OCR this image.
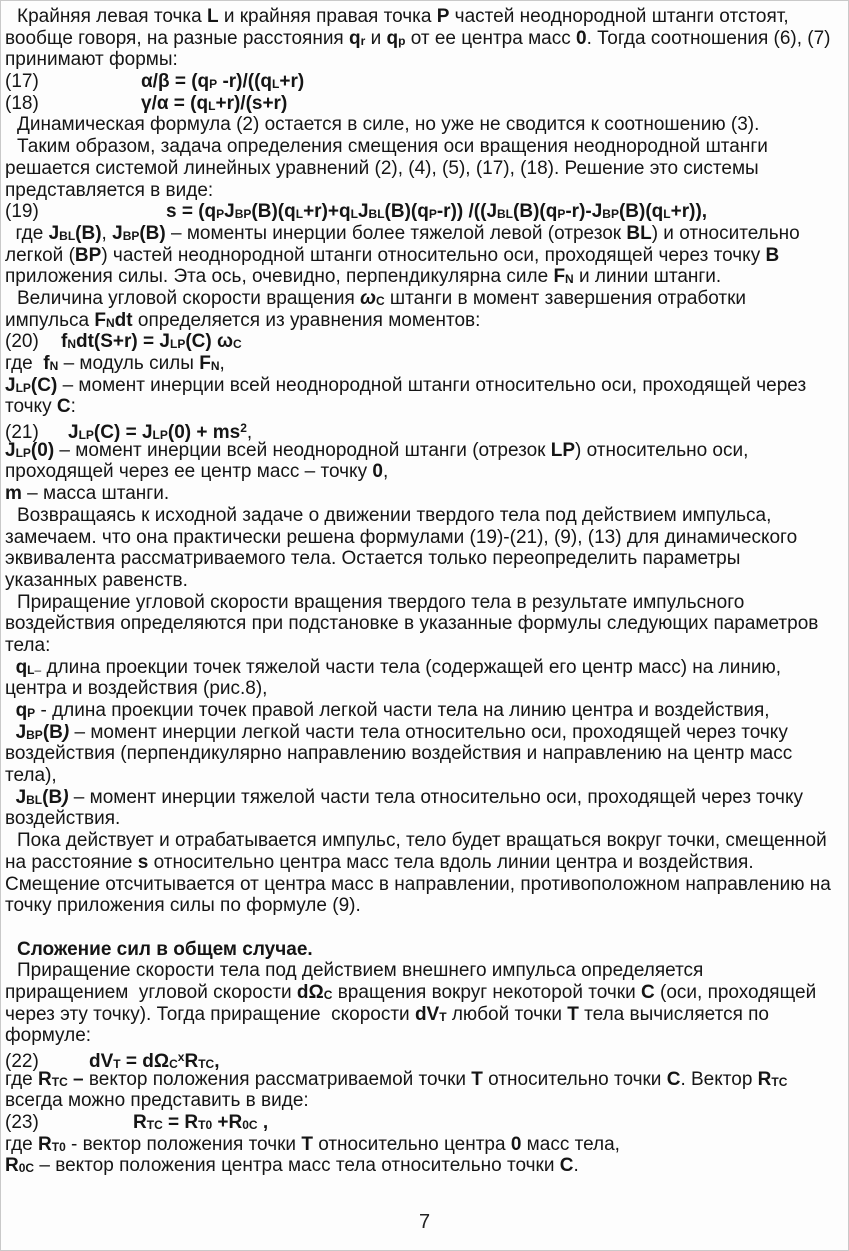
Крайняя левая точка L и крайняя правая точка P частей неоднородной штанги отстоят,
вообще говоря, на разные расстояния qr и qp от ее центра масс 0. Тогда соотношения (6), (7)
принимают формы:
(17)	α/β = (qP -r)/((qL+r)
(18)	γ/α = (qL+r)/(s+r)
Динамическая формула (2) остается в силе, но уже не сводится к соотношению (3).
Таким образом, задача определения смещения оси вращения неоднородной штанги
решается системой линейных уравнений (2), (4), (5), (17), (18). Решение это системы
представляется в виде:
(19)	s = (qPJBP(B)(qL+r)+qLJBL(B)(qP-r)) /((JBL(B)(qP-r)-JBP(B)(qL+r)),
где JBL(B), JBP(B) – моменты инерции более тяжелой левой (отрезок BL) и относительно
легкой (BP) частей неоднородной штанги относительно оси, проходящей через точку B
приложения силы. Эта ось, очевидно, перпендикулярна силе FN и линии штанги.
Величина угловой скорости вращения ωC штанги в момент завершения отработки
импульса FNdt определяется из уравнения моментов:
(20) fNdt(S+r) = JLP(C) ωC
где  fN – модуль силы FN,
JLP(C) – момент инерции всей неоднородной штанги относительно оси, проходящей через
точку C:
(21) $JLP(C) = JLP(0) + ms^2$,
JLP(0) – момент инерции всей неоднородной штанги (отрезок LP) относительно оси,
проходящей через ее центр масс – точку 0,
m – масса штанги.
Возвращаясь к исходной задаче о движении твердого тела под действием импульса,
замечаем. что она практически решена формулами (19)-(21), (9), (13) для динамического
эквивалента рассматриваемого тела. Остается только переопределить параметры
указанных равенств.
Приращение угловой скорости вращения твердого тела в результате импульсного
воздействия определяются при подстановке в указанные формулы следующих параметров
тела:
qL– длина проекции точек тяжелой части тела (содержащей его центр масс) на линию,
центра и воздействия (рис.8),
qP - длина проекции точек правой легкой части тела на линию центра и воздействия,
JBP(B) – момент инерции легкой части тела относительно оси, проходящей через точку
воздействия (перпендикулярно направлению воздействия и направлению на центр масс
тела),
JBL(B) – момент инерции тяжелой части тела относительно оси, проходящей через точку
воздействия.
Пока действует и отрабатывается импульс, тело будет вращаться вокруг точки, смещенной
на расстояние s относительно центра масс тела вдоль линии центра и воздействия.
Смещение отсчитывается от центра масс в направлении, противоположном направлению на
точку приложения силы по формуле (9).
Сложение сил в общем случае.
Приращение скорости тела под действием внешнего импульса определяется
приращением  угловой скорости dΩC вращения вокруг некоторой точки C (оси, проходящей
через эту точку). Тогда приращение  скорости dVT любой точки T тела вычисляется по
формуле:
(22)	dVT = dΩC$^x$RTC,
где RTC – вектор положения рассматриваемой точки T относительно точки C. Вектор RTC
всегда можно представить в виде:
(23)	RTC = RT0 +R0C ,
где RT0 - вектор положения точки T относительно центра 0 масс тела,
R0C – вектор положения центра масс тела относительно точки C.
7
